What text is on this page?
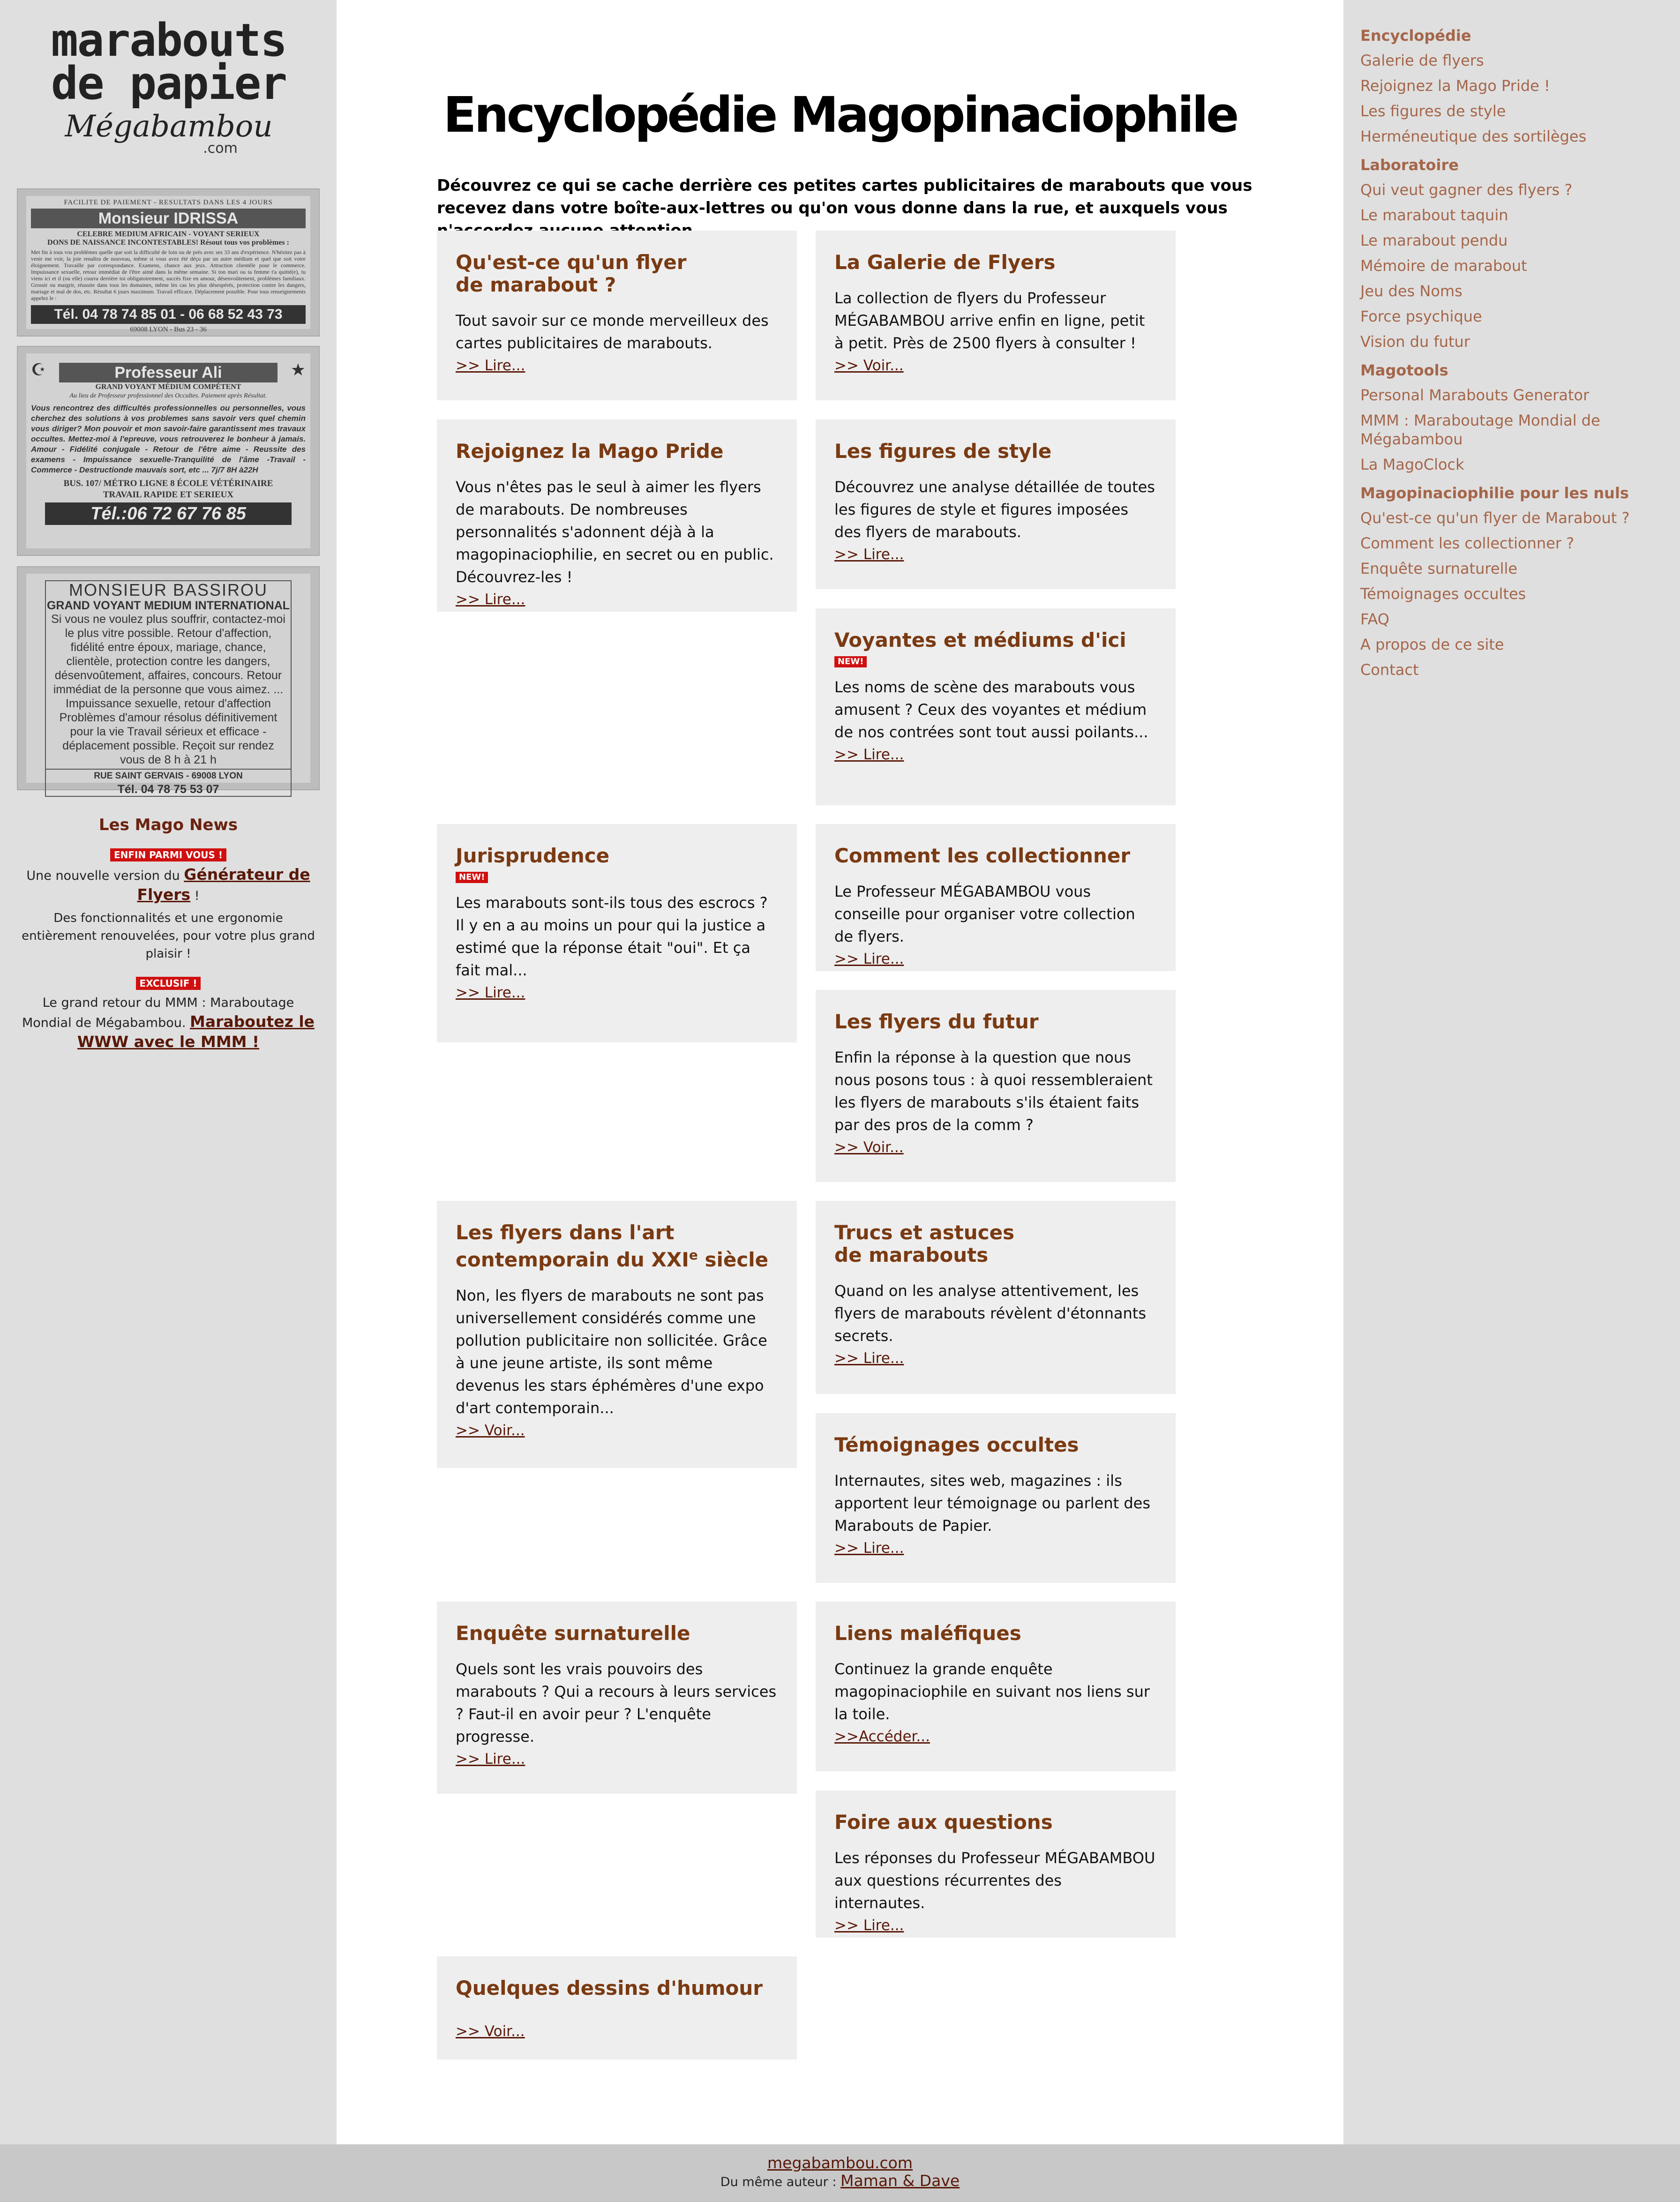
marabouts
de papier
Mégabambou
.com
FACILITE DE PAIEMENT - RESULTATS DANS LES 4 JOURS
Monsieur IDRISSA
CELEBRE MEDIUM AFRICAIN - VOYANT SERIEUX
DONS DE NAISSANCE INCONTESTABLES! Résout tous vos problèmes :
Met fin à tous vos problèmes quelle que soit la difficulté de loin ou de près avec ses 33 ans d'expérience. N'hésitez pas à venir me voir, la joie renaîtra de nouveau, même si vous avez été déçu par un autre médium et quel que soit votre éloignement. Travaille par correspondance. Examens, chance aux jeux. Attraction clientèle pour le commerce. Impuissance sexuelle, retour immédiat de l'être aimé dans la même semaine. Si ton mari ou ta femme t'a quitté(e), tu viens ici et il (ou elle) courra derrière toi obligatoirement, succès fixe en amour, désenvoûtement, problèmes familiaux. Grossir ou maigrir, réussite dans tous les domaines, même les cas les plus désespérés, protection contre les dangers, mariage et mal de dos, etc. Résultat 6 jours maximum. Travail efficace. Déplacement possible. Pour tous renseignements appelez le :
Tél. 04 78 74 85 01 - 06 68 52 43 73
69008 LYON - Bus 23 - 36
☪	★
Professeur Ali
GRAND VOYANT MÉDIUM COMPÉTENT
Au lieu de Professeur professionnel des Occultes. Paiement après Résultat.
Vous rencontrez des difficultés professionnelles ou personnelles, vous cherchez des solutions à vos problemes sans savoir vers quel chemin vous diriger? Mon pouvoir et mon savoir-faire garantissent mes travaux occultes. Mettez-moi à l'epreuve, vous retrouverez le bonheur à jamais. Amour - Fidélité conjugale - Retour de l'être aime - Reussite des examens - Impuissance sexuelle-Tranquilité de l'âme -Travail - Commerce - Destructionde mauvais sort, etc ... 7j/7 8H à22H
BUS. 107/ MÉTRO LIGNE 8 ÉCOLE VÉTÉRINAIRE
TRAVAIL RAPIDE ET SERIEUX
Tél.:06 72 67 76 85
MONSIEUR BASSIROU
GRAND VOYANT MEDIUM INTERNATIONAL
Si vous ne voulez plus souffrir, contactez-moi le plus vitre possible. Retour d'affection, fidélité entre époux, mariage, chance, clientèle, protection contre les dangers, désenvoûtement, affaires, concours. Retour immédiat de la personne que vous aimez. ... Impuissance sexuelle, retour d'affection Problèmes d'amour résolus définitivement pour la vie Travail sérieux et efficace - déplacement possible. Reçoit sur rendez vous de 8 h à 21 h
RUE SAINT GERVAIS - 69008 LYON
Tél. 04 78 75 53 07
Les Mago News
ENFIN PARMI VOUS !
Une nouvelle version du Générateur de Flyers !
Des fonctionnalités et une ergonomie entièrement renouvelées, pour votre plus grand plaisir !
EXCLUSIF !
Le grand retour du MMM : Maraboutage Mondial de Mégabambou. Maraboutez le WWW avec le MMM !
Encyclopédie Magopinaciophile
Découvrez ce qui se cache derrière ces petites cartes publicitaires de marabouts que vous recevez dans votre boîte-aux-lettres ou qu'on vous donne dans la rue, et auxquels vous
Qu'est-ce qu'un flyer de marabout ?

Tout savoir sur ce monde merveilleux des cartes publicitaires de marabouts.

>> Lire...
La Galerie de Flyers

La collection de flyers du Professeur MÉGABAMBOU arrive enfin en ligne, petit à petit. Près de 2500 flyers à consulter !

>> Voir...
Rejoignez la Mago Pride

Vous n'êtes pas le seul à aimer les flyers de marabouts. De nombreuses personnalités s'adonnent déjà à la magopinaciophilie, en secret ou en public. Découvrez-les !

>> Lire...
Les figures de style

Découvrez une analyse détaillée de toutes les figures de style et figures imposées des flyers de marabouts.

>> Lire...
Voyantes et médiums d'ici
NEW!

Les noms de scène des marabouts vous amusent ? Ceux des voyantes et médium de nos contrées sont tout aussi poilants...

>> Lire...
Jurisprudence
NEW!

Les marabouts sont-ils tous des escrocs ? Il y en a au moins un pour qui la justice a estimé que la réponse était "oui". Et ça fait mal...

>> Lire...
Comment les collectionner

Le Professeur MÉGABAMBOU vous conseille pour organiser votre collection de flyers.

>> Lire...
Les flyers du futur

Enfin la réponse à la question que nous nous posons tous : à quoi ressembleraient les flyers de marabouts s'ils étaient faits par des pros de la comm ?

>> Voir...
Les flyers dans l'art contemporain du XXIe siècle

Non, les flyers de marabouts ne sont pas universellement considérés comme une pollution publicitaire non sollicitée. Grâce à une jeune artiste, ils sont même devenus les stars éphémères d'une expo d'art contemporain...

>> Voir...
Trucs et astuces de marabouts

Quand on les analyse attentivement, les flyers de marabouts révèlent d'étonnants secrets.

>> Lire...
Témoignages occultes

Internautes, sites web, magazines : ils apportent leur témoignage ou parlent des Marabouts de Papier.

>> Lire...
Enquête surnaturelle

Quels sont les vrais pouvoirs des marabouts ? Qui a recours à leurs services ? Faut-il en avoir peur ? L'enquête progresse.

>> Lire...
Liens maléfiques

Continuez la grande enquête magopinaciophile en suivant nos liens sur la toile.

>>Accéder...
Foire aux questions

Les réponses du Professeur MÉGABAMBOU aux questions récurrentes des internautes.

>> Lire...
Quelques dessins d'humour
>> Voir...
Encyclopédie
Galerie de flyers
Rejoignez la Mago Pride !
Les figures de style
Herméneutique des sortilèges
Laboratoire
Qui veut gagner des flyers ?
Le marabout taquin
Le marabout pendu
Mémoire de marabout
Jeu des Noms
Force psychique
Vision du futur
Magotools
Personal Marabouts Generator
MMM : Maraboutage Mondial de Mégabambou
La MagoClock
Magopinaciophilie pour les nuls
Qu'est-ce qu'un flyer de Marabout ?
Comment les collectionner ?
Enquête surnaturelle
Témoignages occultes
FAQ
A propos de ce site
Contact
megabambou.com
Du même auteur : Maman & Dave
